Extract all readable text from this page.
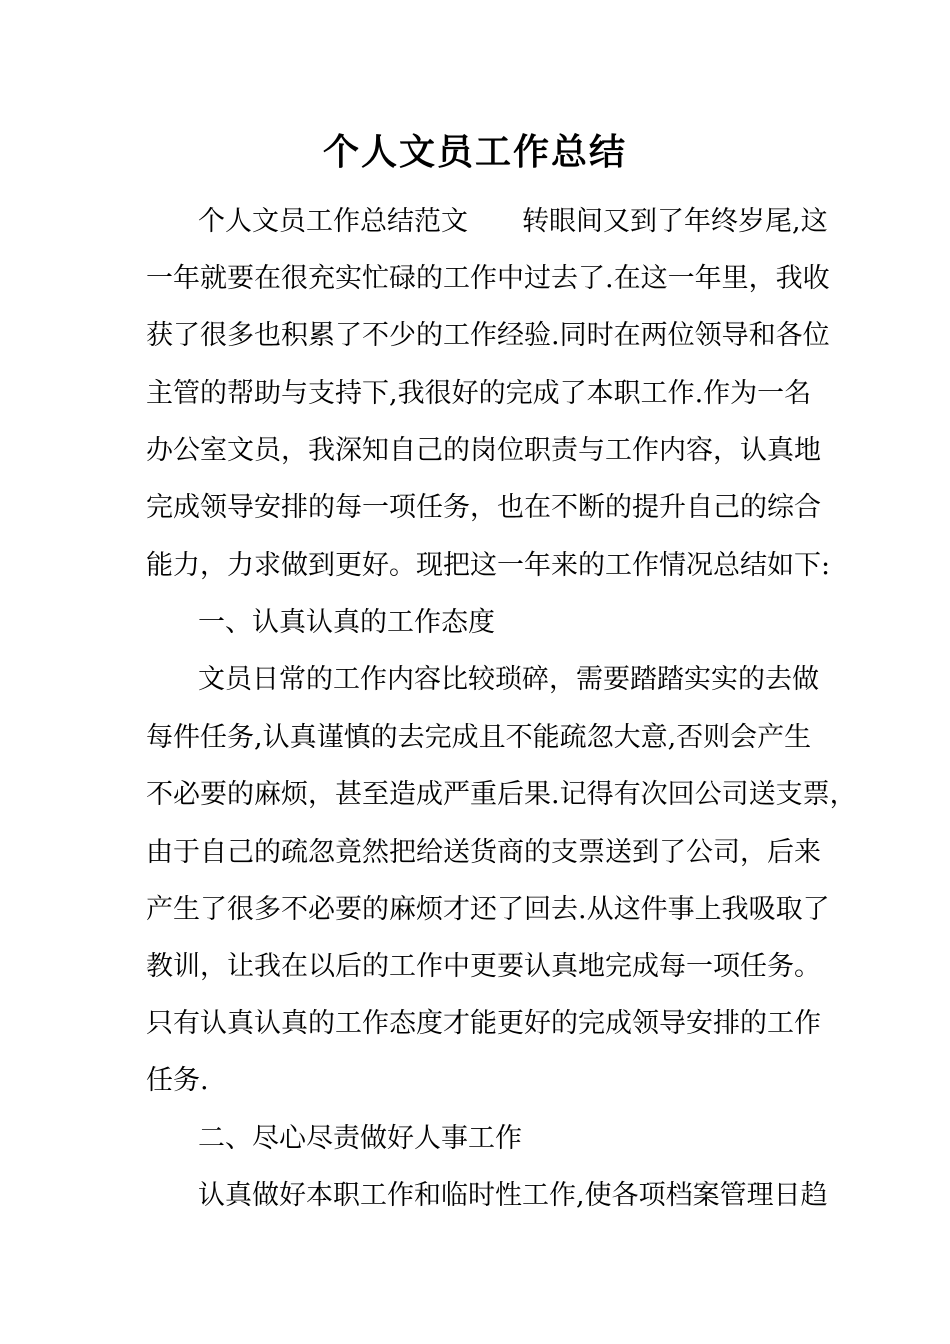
个人文员工作总结

个人文员工作总结范文　　转眼间又到了年终岁尾,这

一年就要在很充实忙碌的工作中过去了.在这一年里，我收

获了很多也积累了不少的工作经验.同时在两位领导和各位

主管的帮助与支持下,我很好的完成了本职工作.作为一名

办公室文员，我深知自己的岗位职责与工作内容，认真地

完成领导安排的每一项任务，也在不断的提升自己的综合

能力，力求做到更好。现把这一年来的工作情况总结如下:

一、认真认真的工作态度

文员日常的工作内容比较琐碎，需要踏踏实实的去做

每件任务,认真谨慎的去完成且不能疏忽大意,否则会产生

不必要的麻烦，甚至造成严重后果.记得有次回公司送支票，

由于自己的疏忽竟然把给送货商的支票送到了公司，后来

产生了很多不必要的麻烦才还了回去.从这件事上我吸取了

教训，让我在以后的工作中更要认真地完成每一项任务。

只有认真认真的工作态度才能更好的完成领导安排的工作

任务.

二、尽心尽责做好人事工作

认真做好本职工作和临时性工作,使各项档案管理日趋
